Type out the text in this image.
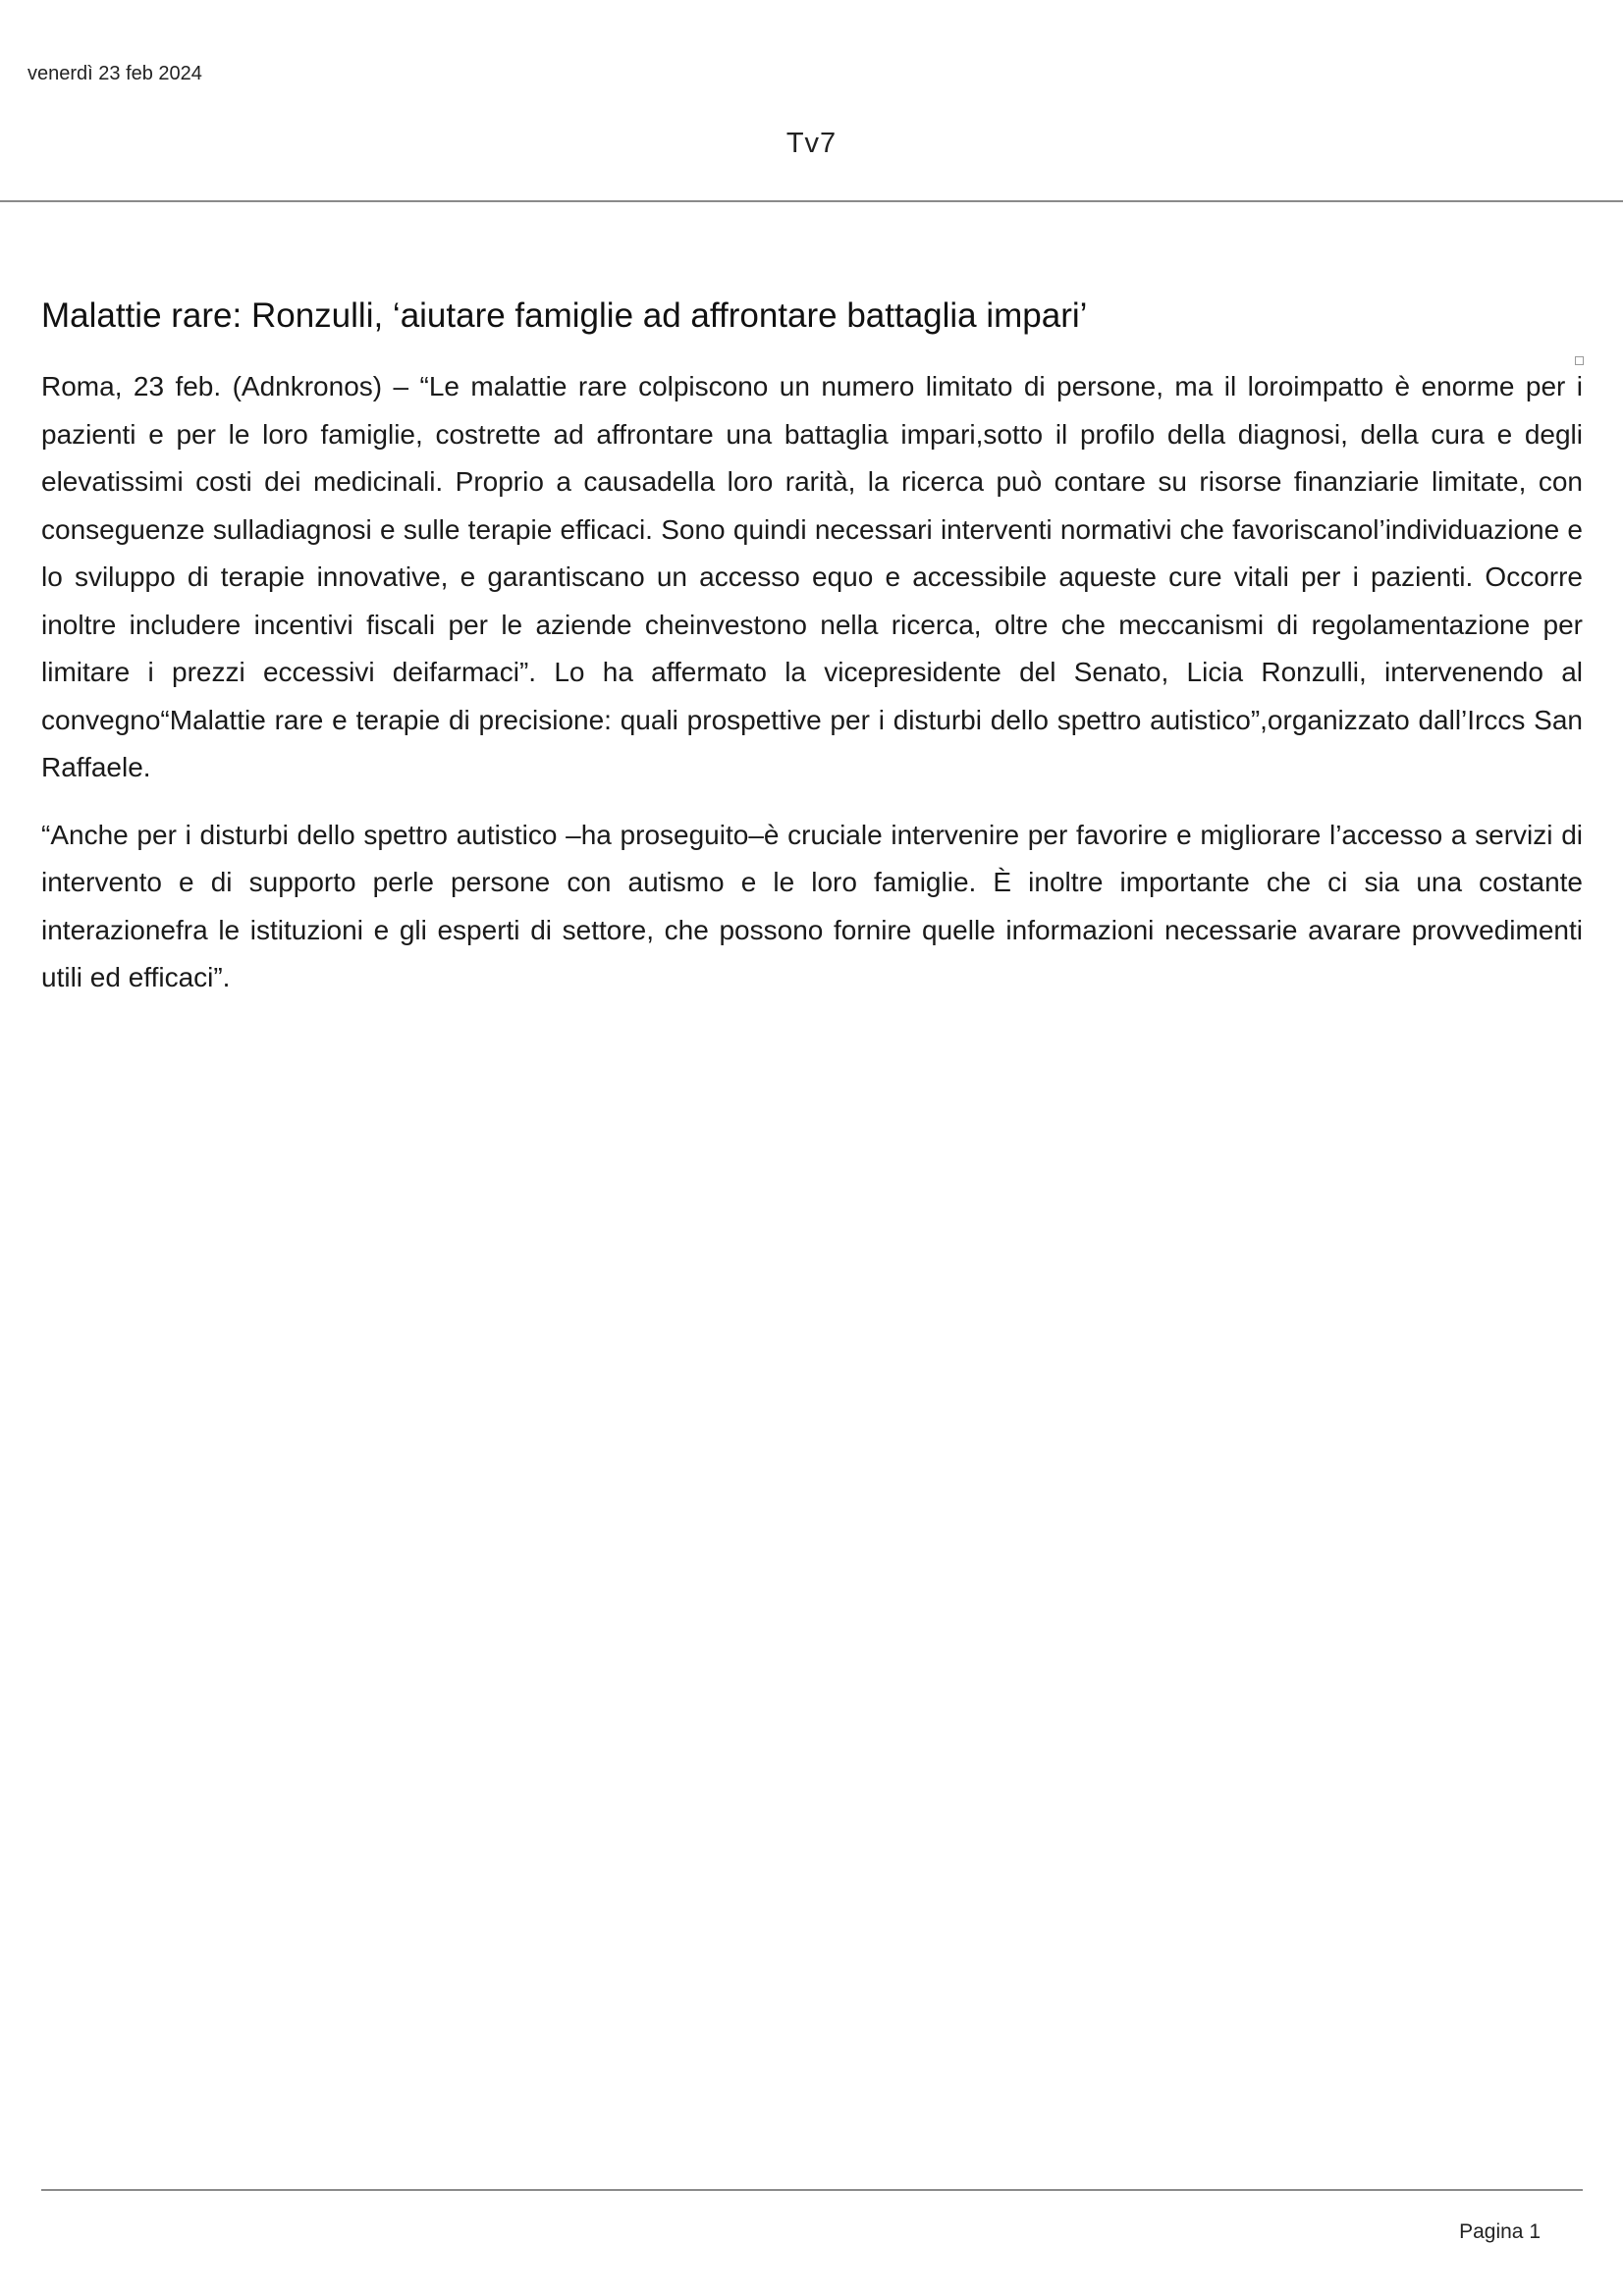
venerdì 23 feb 2024
Tv7
Malattie rare: Ronzulli, ‘aiutare famiglie ad affrontare battaglia impari’

Roma, 23 feb. (Adnkronos) – “Le malattie rare colpiscono un numero limitato di persone, ma il loroimpatto è enorme per i pazienti e per le loro famiglie, costrette ad affrontare una battaglia impari,sotto il profilo della diagnosi, della cura e degli elevatissimi costi dei medicinali. Proprio a causadella loro rarità, la ricerca può contare su risorse finanziarie limitate, con conseguenze sulladiagnosi e sulle terapie efficaci. Sono quindi necessari interventi normativi che favoriscanol’individuazione e lo sviluppo di terapie innovative, e garantiscano un accesso equo e accessibile aqueste cure vitali per i pazienti. Occorre inoltre includere incentivi fiscali per le aziende cheinvestono nella ricerca, oltre che meccanismi di regolamentazione per limitare i prezzi eccessivi deifarmaci”. Lo ha affermato la vicepresidente del Senato, Licia Ronzulli, intervenendo al convegno“Malattie rare e terapie di precisione: quali prospettive per i disturbi dello spettro autistico”,organizzato dall’Irccs San Raffaele.

“Anche per i disturbi dello spettro autistico –ha proseguito–è cruciale intervenire per favorire e migliorare l’accesso a servizi di intervento e di supporto perle persone con autismo e le loro famiglie. È inoltre importante che ci sia una costante interazionefra le istituzioni e gli esperti di settore, che possono fornire quelle informazioni necessarie avarare provvedimenti utili ed efficaci”.

Pagina 1
